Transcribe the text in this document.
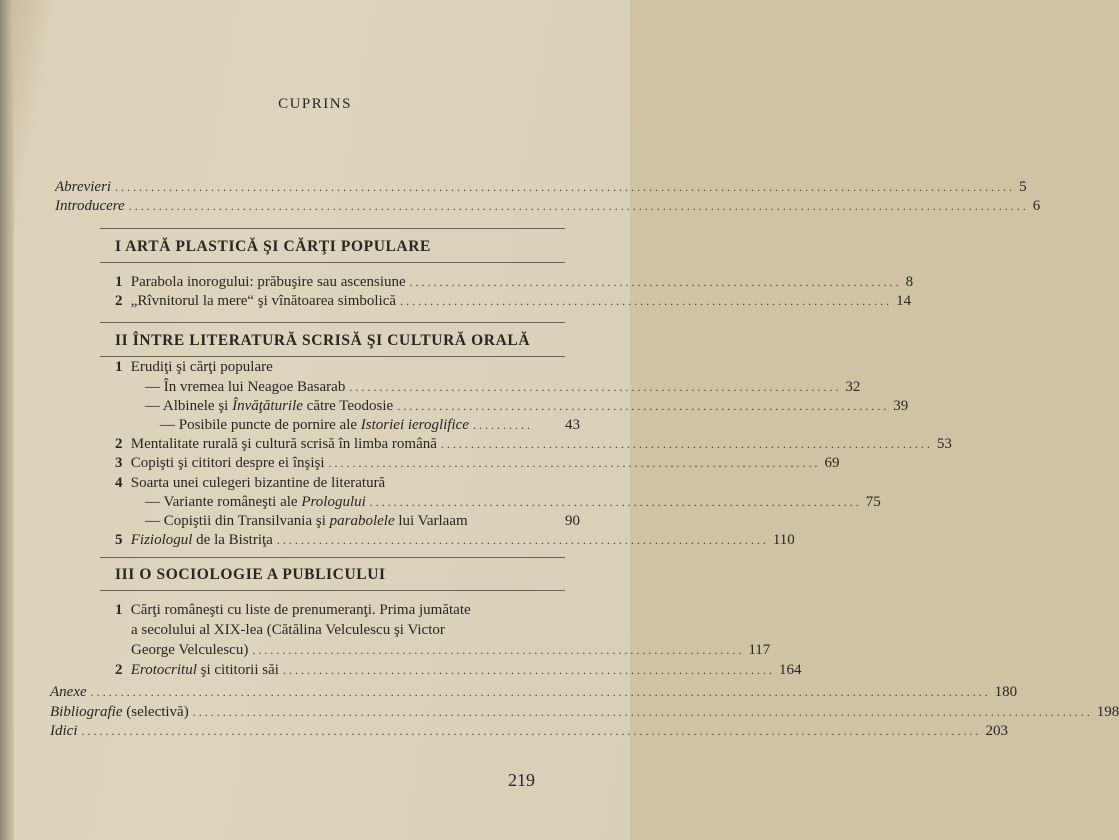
CUPRINS
Abrevieri ...................................................................................................................................................... 5
Introducere ...................................................................................................................................................... 6
I ARTĂ PLASTICĂ ŞI CĂRŢI POPULARE
1 Parabola inorogului: prăbuşire sau ascensiune .................................................................................. 8
2 „Rîvnitorul la mere“ şi vînătoarea simbolică .................................................................................. 14
II ÎNTRE LITERATURĂ SCRISĂ ŞI CULTURĂ ORALĂ
1 Erudiţi şi cărţi populare
— În vremea lui Neagoe Basarab .................................................................................. 32
— Albinele şi Învăţăturile către Teodosie .................................................................................. 39
— Posibile puncte de pornire ale Istoriei ieroglifice ..........	43
2 Mentalitate rurală şi cultură scrisă în limba română .................................................................................. 53
3 Copişti şi cititori despre ei înşişi .................................................................................. 69
4 Soarta unei culegeri bizantine de literatură
— Variante româneşti ale Prologului .................................................................................. 75
— Copiştii din Transilvania şi parabolele lui Varlaam	90
5 Fiziologul de la Bistriţa .................................................................................. 110
III O SOCIOLOGIE A PUBLICULUI
1 Cărţi româneşti cu liste de prenumeranţi. Prima jumătate
a secolului al XIX-lea (Cătălina Velculescu şi Victor
George Velculescu) .................................................................................. 117
2 Erotocritul şi cititorii săi .................................................................................. 164
Anexe ...................................................................................................................................................... 180
Bibliografie (selectivă) ...................................................................................................................................................... 198
Idici ...................................................................................................................................................... 203
219
